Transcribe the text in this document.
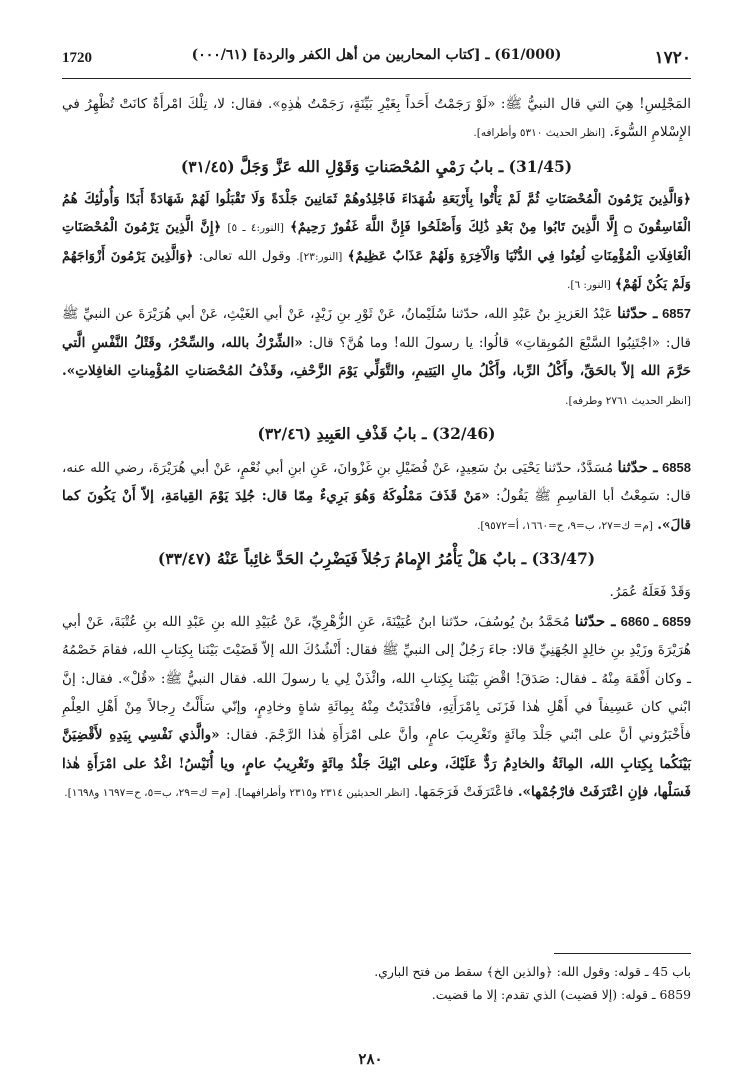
1720	(61/000) ـ [كتاب المحاربين من أهل الكفر والردة] (٠٠٠/٦١)	١٧٢٠

المَجْلِسِ! هِيَ التي قال النبيُّ ﷺ: «لَوْ رَجَمْتُ أَحَداً بِغَيْرِ بَيِّنَةٍ، رَجَمْتُ هٰذِهِ». فقال: لا، تِلْكَ امْرأَةٌ كانَتْ تُظْهِرُ في الإِسْلامِ السُّوءَ. [انظر الحديث ٥٣١٠ وأطرافه].

(31/45) ـ بابُ رَمْيِ المُحْصَناتِ وَقَوْلِ الله عَزَّ وَجَلَّ (٣١/٤٥)

﴿وَالَّذِينَ يَرْمُونَ الْمُحْصَنَاتِ ثُمَّ لَمْ يَأْتُوا بِأَرْبَعَةِ شُهَدَاءَ فَاجْلِدُوهُمْ ثَمَانِينَ جَلْدَةً وَلَا تَقْبَلُوا لَهُمْ شَهَادَةً أَبَدًا وَأُولَٰئِكَ هُمُ الْفَاسِقُونَ ۝ إِلَّا الَّذِينَ تَابُوا مِنْ بَعْدِ ذَٰلِكَ وَأَصْلَحُوا فَإِنَّ اللَّهَ غَفُورٌ رَحِيمٌ﴾ [النور:٤ ـ ٥] ﴿إِنَّ الَّذِينَ يَرْمُونَ الْمُحْصَنَاتِ الْغَافِلَاتِ الْمُؤْمِنَاتِ لُعِنُوا فِي الدُّنْيَا وَالْآخِرَةِ وَلَهُمْ عَذَابٌ عَظِيمٌ﴾ [النور:٢٣]. وقول الله تعالى: ﴿وَالَّذِينَ يَرْمُونَ أَزْوَاجَهُمْ وَلَمْ يَكُنْ لَهُمْ﴾ [النور: ٦].

6857 ـ حدّثنا عَبْدُ العَزيزِ بنُ عَبْدِ الله، حدّثنا سُلَيْمانُ، عَنْ ثَوْرِ بنِ زَيْدٍ، عَنْ أبي الغَيْثِ، عَنْ أبي هُرَيْرَةَ عن النبيِّ ﷺ قال: «اجْتَنِبُوا السَّبْعَ المُوبِقاتِ» قالُوا: يا رسولَ الله! وما هُنَّ؟ قال: «الشِّرْكُ بالله، والسِّحْرُ، وقَتْلُ النَّفْسِ الَّتي حَرَّمَ الله إلاّ بالحَقِّ، وأَكْلُ الرِّبا، وأَكْلُ مالِ اليَتِيمِ، والتَّوَلِّي يَوْمَ الزَّحْفِ، وقَذْفُ المُحْصَناتِ المُؤْمِناتِ الغافِلاتِ». [انظر الحديث ٢٧٦١ وطرفه].

(32/46) ـ بابُ قَذْفِ العَبِيدِ (٣٢/٤٦)

6858 ـ حدّثنا مُسَدَّدٌ، حدّثنا يَحْيَى بنُ سَعِيدٍ، عَنْ فُضَيْلِ بنِ غَزْوانَ، عَنِ ابنِ أبي نُعْمٍ، عَنْ أبي هُرَيْرَةَ، رضي الله عنه، قال: سَمِعْتُ أبا القاسِمِ ﷺ يَقُولُ: «مَنْ قَذَفَ مَمْلُوكَهُ وَهُوَ بَرِيءٌ مِمّا قال: جُلِدَ يَوْمَ القِيامَةِ، إلاّ أَنْ يَكُونَ كما قالَ». [م= ك=٢٧، ب=٩، ح=١٦٦٠، أ=٩٥٧٢].

(33/47) ـ بابٌ هَلْ يَأْمُرُ الإِمامُ رَجُلاً فَيَضْرِبُ الحَدَّ غائِباً عَنْهُ (٣٣/٤٧)

وَقَدْ فَعَلَهُ عُمَرُ.

6859 ـ 6860 ـ حدّثنا مُحَمَّدُ بنُ يُوسُفَ، حدّثنا ابنُ عُيَيْنَةَ، عَنِ الزُّهْرِيِّ، عَنْ عُبَيْدِ الله بنِ عَبْدِ الله بنِ عُتْبَةَ، عَنْ أبي هُرَيْرَةَ وزَيْدِ بنِ خالِدٍ الجُهَنِيِّ قالا: جاءَ رَجُلٌ إلى النبيِّ ﷺ فقال: أَنْشُدُكَ الله إلاّ قَضَيْتَ بَيْنَنا بِكِتابِ الله، فقامَ خَصْمُهُ ـ وكان أَفْقَهَ مِنْهُ ـ فقال: صَدَقَ! اقْضِ بَيْنَنا بِكِتابِ الله، وائْذَنْ لِي يا رسولَ الله. فقال النبيُّ ﷺ: «قُلْ». فقال: إنَّ ابْني كان عَسِيفاً في أَهْلِ هٰذا فَزَنَى بِامْرَأَتِهِ، فافْتَدَيْتُ مِنْهُ بِمِائَةِ شاةٍ وخادِمٍ، وإنّي سَأَلْتُ رِجالاً مِنْ أَهْلِ العِلْمِ فأَخْبَرُوني أنَّ على ابْني جَلْدَ مِائَةٍ وتَغْرِيبَ عامٍ، وأنَّ على امْرَأَةِ هٰذا الرَّجْمَ. فقال: «والَّذي نَفْسِي بِيَدِهِ لأَقْضِيَنَّ بَيْنَكُما بِكِتابِ الله، المِائَةُ والخادِمُ رَدٌّ عَلَيْكَ، وعلى ابْنِكَ جَلْدُ مِائَةٍ وتَغْرِيبُ عامٍ، ويا أُنَيْسُ! اغْدُ على امْرَأَةِ هٰذا فَسَلْها، فإنِ اعْتَرَفَتْ فارْجُمْها». فاعْتَرَفَتْ فَرَجَمَها. [انظر الحديثين ٢٣١٤ و٢٣١٥ وأطرافهما]. [م= ك=٢٩، ب=٥، ح=١٦٩٧ و١٦٩٨].

باب 45 ـ قوله: وقول الله: ﴿والذين الخ﴾ سقط من فتح الباري.

6859 ـ قوله: (إلا قضيت) الذي تقدم: إلا ما قضيت.

٢٨٠
